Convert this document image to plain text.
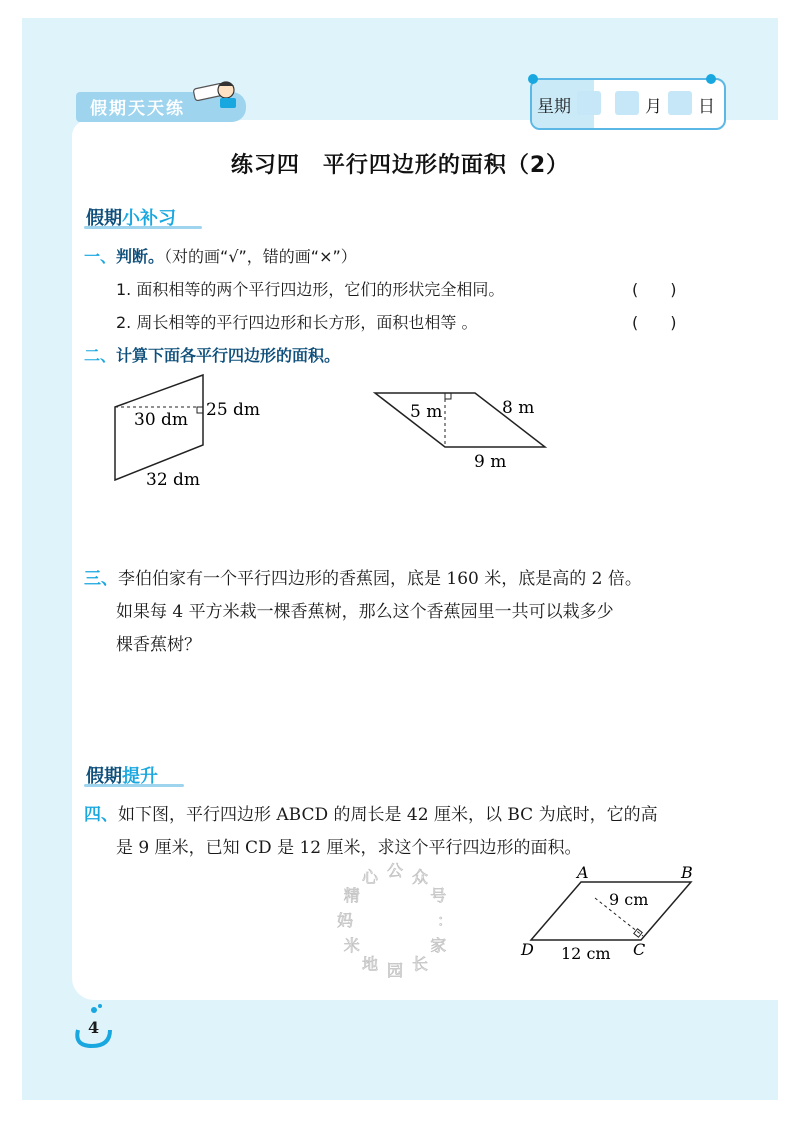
假期天天练	星期	月 日
练习四　平行四边形的面积（2）
假期小补习
一、判断。（对的画“√”，错的画“×”）
1. 面积相等的两个平行四边形，它们的形状完全相同。	(　　)
2. 周长相等的平行四边形和长方形，面积也相等 。	(　　)
二、计算下面各平行四边形的面积。
25 dm
30 dm
32 dm
5 m	8 m
9 m
三、李伯伯家有一个平行四边形的香蕉园，底是 160 米，底是高的 2 倍。
如果每 4 平方米栽一棵香蕉树，那么这个香蕉园里一共可以栽多少
棵香蕉树？
假期提升
四、如下图，平行四边形 ABCD 的周长是 42 厘米，以 BC 为底时，它的高
是 9 厘米，已知 CD 是 12 厘米，求这个平行四边形的面积。
公 众
号
：
家
长
园
地
米
妈
精
心	A	B
C
D
9 cm
12 cm
4
